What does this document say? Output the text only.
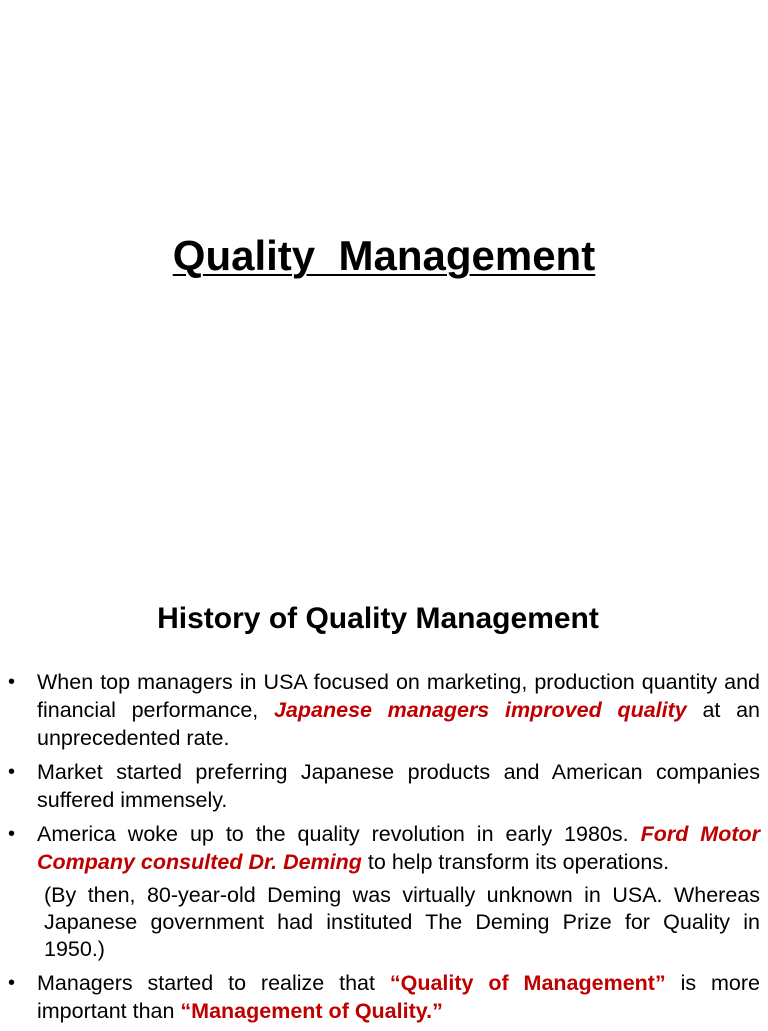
Quality  Management
History of Quality Management
• When top managers in USA focused on marketing, production quantity and financial performance, Japanese managers improved quality at an unprecedented rate.
• Market started preferring Japanese products and American companies suffered immensely.
• America woke up to the quality revolution in early 1980s. Ford Motor Company consulted Dr. Deming to help transform its operations.
(By then, 80-year-old Deming was virtually unknown in USA. Whereas Japanese government had instituted The Deming Prize for Quality in 1950.)
• Managers started to realize that “Quality of Management” is more important than “Management of Quality.”
